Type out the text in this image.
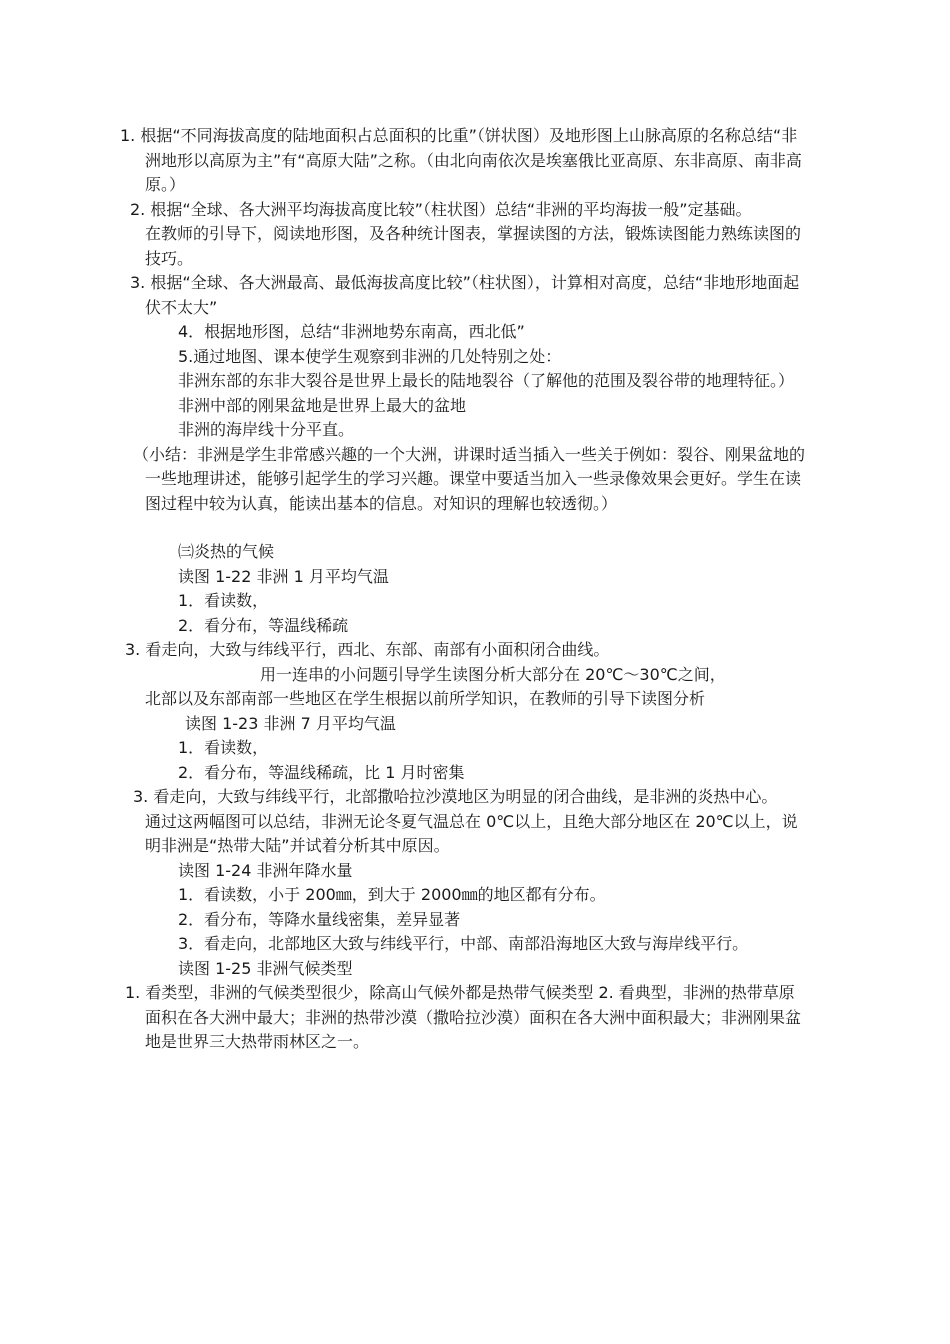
1. 根据“不同海拔高度的陆地面积占总面积的比重”（饼状图）及地形图上山脉高原的名称总结“非洲地形以高原为主”有“高原大陆”之称。（由北向南依次是埃塞俄比亚高原、东非高原、南非高原。）

2. 根据“全球、各大洲平均海拔高度比较”（柱状图）总结“非洲的平均海拔一般”定基础。

在教师的引导下，阅读地形图，及各种统计图表，掌握读图的方法，锻炼读图能力熟练读图的技巧。

3. 根据“全球、各大洲最高、最低海拔高度比较”（柱状图），计算相对高度，总结“非地形地面起伏不太大”

4．根据地形图，总结“非洲地势东南高，西北低”

5.通过地图、课本使学生观察到非洲的几处特别之处：

非洲东部的东非大裂谷是世界上最长的陆地裂谷（了解他的范围及裂谷带的地理特征。）

非洲中部的刚果盆地是世界上最大的盆地

非洲的海岸线十分平直。

（小结：非洲是学生非常感兴趣的一个大洲，讲课时适当插入一些关于例如：裂谷、刚果盆地的一些地理讲述，能够引起学生的学习兴趣。课堂中要适当加入一些录像效果会更好。学生在读图过程中较为认真，能读出基本的信息。对知识的理解也较透彻。）

㈢炎热的气候

读图 1-22 非洲 1 月平均气温

1．看读数，

2．看分布，等温线稀疏

3. 看走向，大致与纬线平行，西北、东部、南部有小面积闭合曲线。

用一连串的小问题引导学生读图分析大部分在 20℃～30℃之间，

北部以及东部南部一些地区在学生根据以前所学知识，在教师的引导下读图分析

读图 1-23 非洲 7 月平均气温

1．看读数，

2．看分布，等温线稀疏，比 1 月时密集

3. 看走向，大致与纬线平行，北部撒哈拉沙漠地区为明显的闭合曲线，是非洲的炎热中心。

通过这两幅图可以总结，非洲无论冬夏气温总在 0℃以上，且绝大部分地区在 20℃以上，说明非洲是“热带大陆”并试着分析其中原因。

读图 1-24 非洲年降水量

1．看读数，小于 200㎜，到大于 2000㎜的地区都有分布。

2．看分布，等降水量线密集，差异显著

3．看走向，北部地区大致与纬线平行，中部、南部沿海地区大致与海岸线平行。

读图 1-25 非洲气候类型

1. 看类型，非洲的气候类型很少，除高山气候外都是热带气候类型 2. 看典型，非洲的热带草原面积在各大洲中最大；非洲的热带沙漠（撒哈拉沙漠）面积在各大洲中面积最大；非洲刚果盆地是世界三大热带雨林区之一。
